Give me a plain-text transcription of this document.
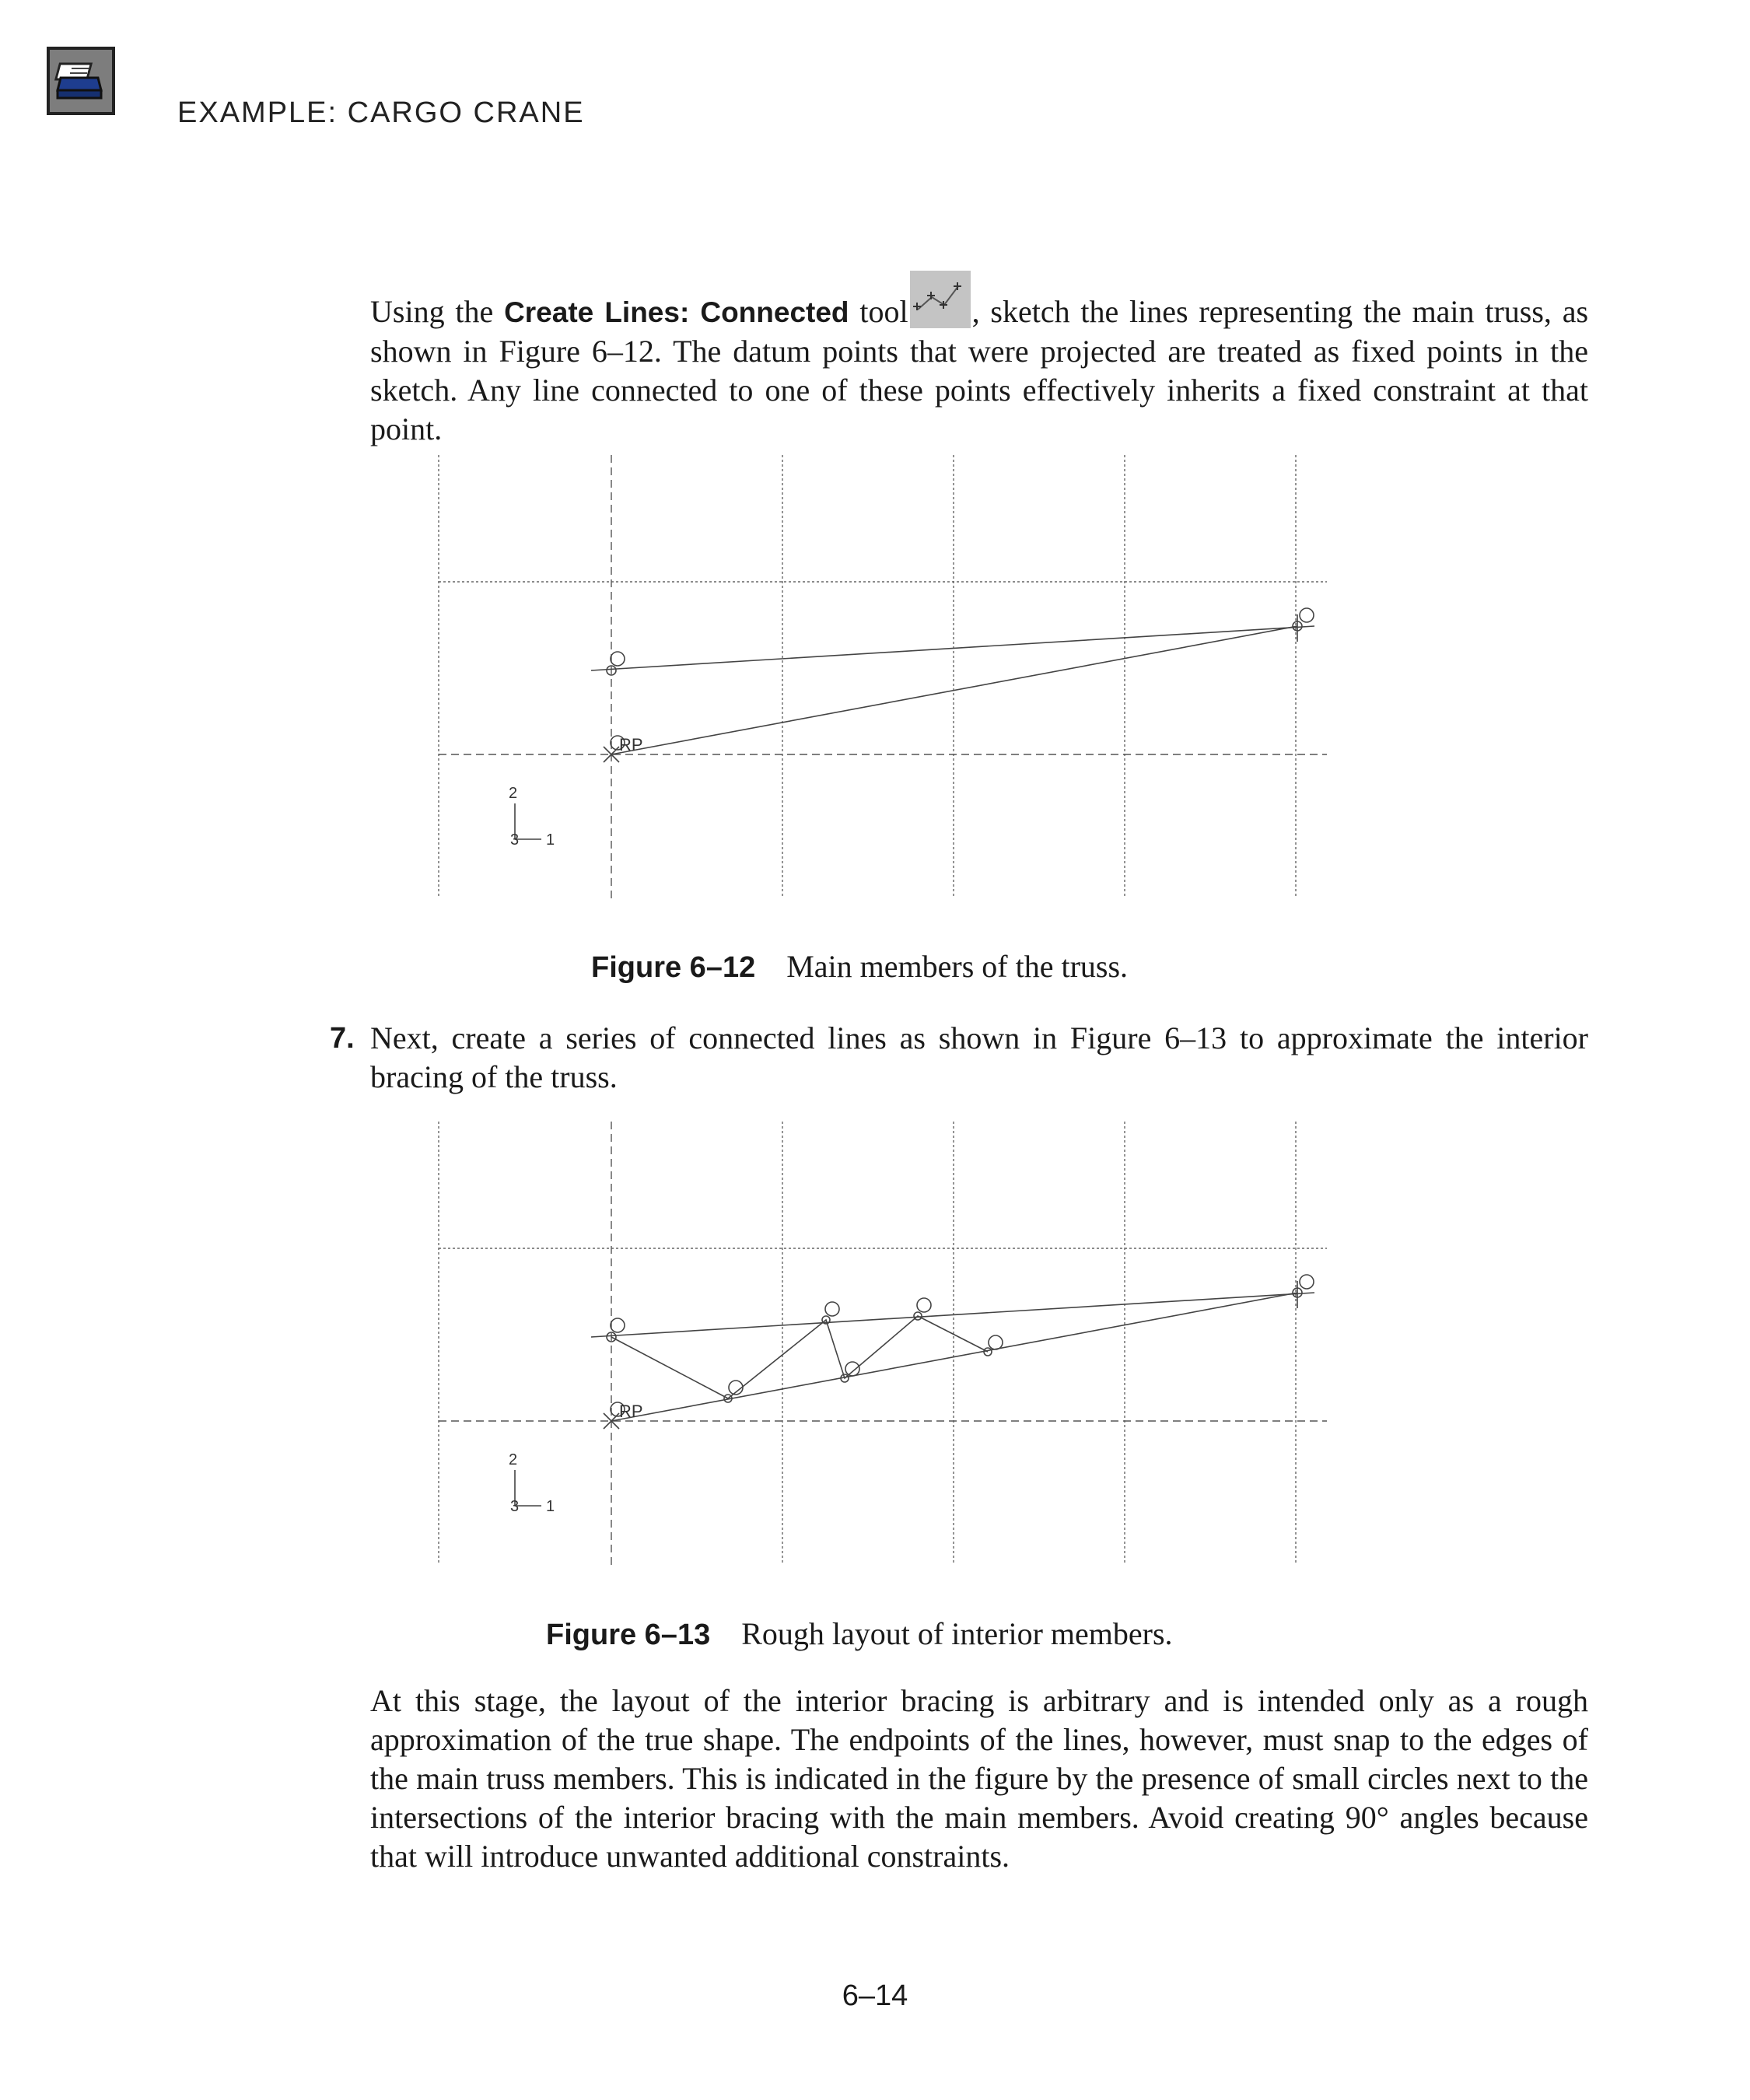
EXAMPLE: CARGO CRANE
Using the Create Lines: Connected tool , sketch the lines representing the main truss, as shown in Figure 6–12. The datum points that were projected are treated as fixed points in the sketch. Any line connected to one of these points effectively inherits a fixed constraint at that point.
RP
2
3 1
Figure 6–12 Main members of the truss.
7. Next, create a series of connected lines as shown in Figure 6–13 to approximate the interior bracing of the truss.
RP
2
3 1
Figure 6–13 Rough layout of interior members.
At this stage, the layout of the interior bracing is arbitrary and is intended only as a rough approximation of the true shape. The endpoints of the lines, however, must snap to the edges of the main truss members. This is indicated in the figure by the presence of small circles next to the intersections of the interior bracing with the main members. Avoid creating 90° angles because that will introduce unwanted additional constraints.
6–14
